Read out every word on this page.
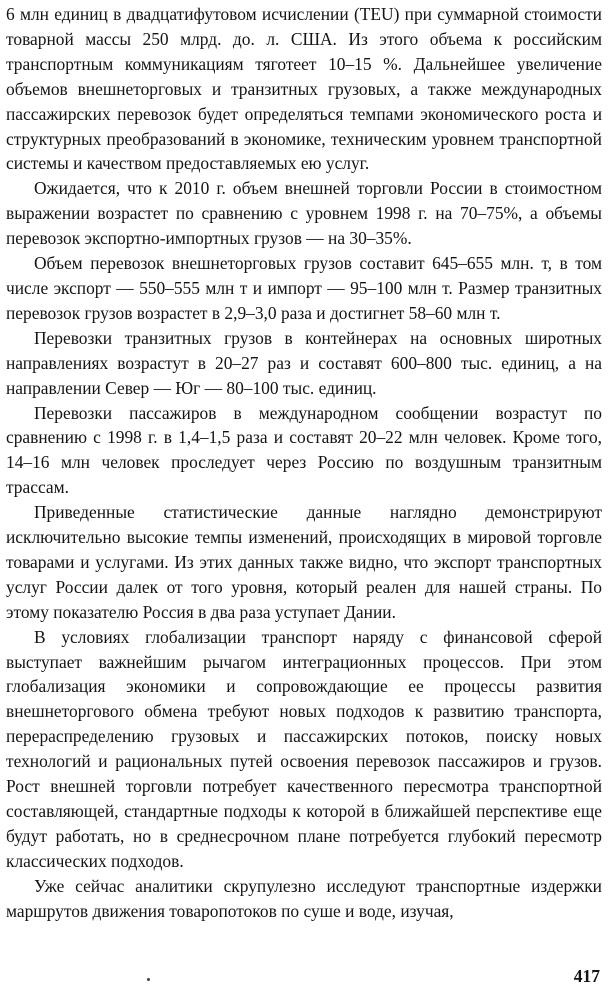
6 млн единиц в двадцатифутовом исчислении (TEU) при суммарной стоимости товарной массы 250 млрд. до. л. США. Из этого объема к российским транспортным коммуникациям тяготеет 10–15 %. Дальнейшее увеличение объемов внешнеторговых и транзитных грузовых, а также международных пассажирских перевозок будет определяться темпами экономического роста и структурных преобразований в экономике, техническим уровнем транспортной системы и качеством предоставляемых ею услуг.

Ожидается, что к 2010 г. объем внешней торговли России в стоимостном выражении возрастет по сравнению с уровнем 1998 г. на 70–75%, а объемы перевозок экспортно-импортных грузов — на 30–35%.

Объем перевозок внешнеторговых грузов составит 645–655 млн. т, в том числе экспорт — 550–555 млн т и импорт — 95–100 млн т. Размер транзитных перевозок грузов возрастет в 2,9–3,0 раза и достигнет 58–60 млн т.

Перевозки транзитных грузов в контейнерах на основных широтных направлениях возрастут в 20–27 раз и составят 600–800 тыс. единиц, а на направлении Север — Юг — 80–100 тыс. единиц.

Перевозки пассажиров в международном сообщении возрастут по сравнению с 1998 г. в 1,4–1,5 раза и составят 20–22 млн человек. Кроме того, 14–16 млн человек проследует через Россию по воздушным транзитным трассам.

Приведенные статистические данные наглядно демонстрируют исключительно высокие темпы изменений, происходящих в мировой торговле товарами и услугами. Из этих данных также видно, что экспорт транспортных услуг России далек от того уровня, который реален для нашей страны. По этому показателю Россия в два раза уступает Дании.

В условиях глобализации транспорт наряду с финансовой сферой выступает важнейшим рычагом интеграционных процессов. При этом глобализация экономики и сопровождающие ее процессы развития внешнеторгового обмена требуют новых подходов к развитию транспорта, перераспределению грузовых и пассажирских потоков, поиску новых технологий и рациональных путей освоения перевозок пассажиров и грузов. Рост внешней торговли потребует качественного пересмотра транспортной составляющей, стандартные подходы к которой в ближайшей перспективе еще будут работать, но в среднесрочном плане потребуется глубокий пересмотр классических подходов.

Уже сейчас аналитики скрупулезно исследуют транспортные издержки маршрутов движения товаропотоков по суше и воде, изучая,

417
